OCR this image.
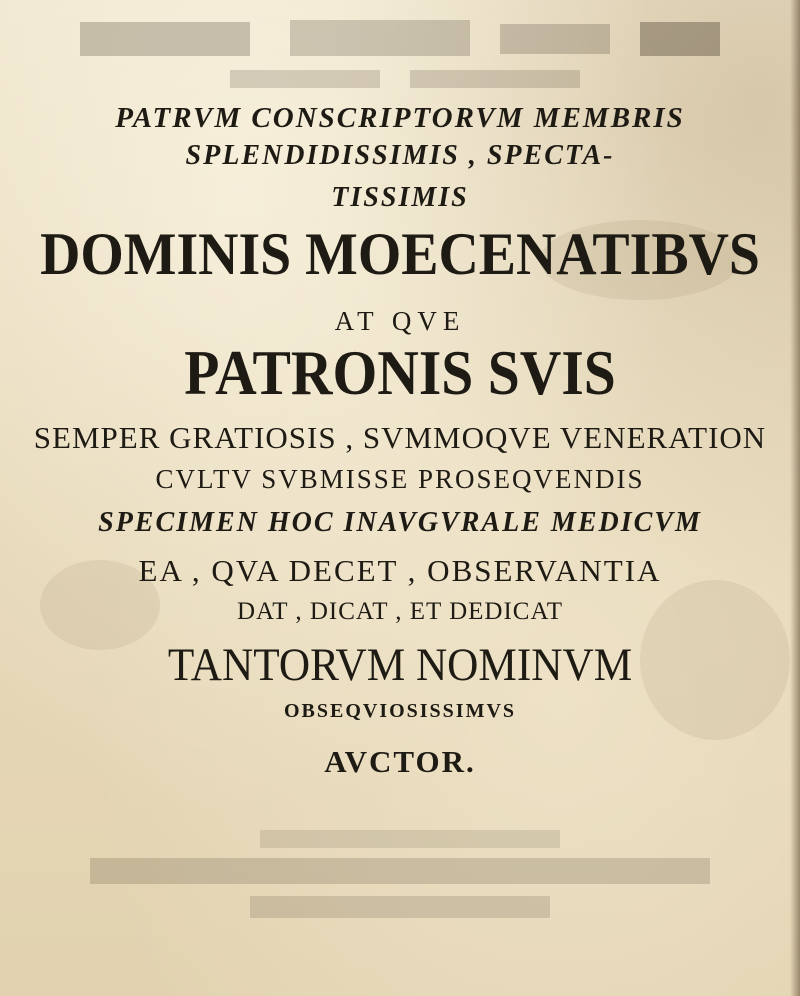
PATRVM CONSCRIPTORVM MEMBRIS
SPLENDIDISSIMIS , SPECTA-
TISSIMIS
DOMINIS MOECENATIBVS
AT QVE
PATRONIS SVIS
SEMPER GRATIOSIS , SVMMOQVE VENERATION
CVLTV SVBMISSE PROSEQVENDIS
SPECIMEN HOC INAVGVRALE MEDICVM
EA , QVA DECET , OBSERVANTIA
DAT , DICAT , ET DEDICAT
TANTORVM NOMINVM
OBSEQVIOSISSIMVS
AVCTOR.
